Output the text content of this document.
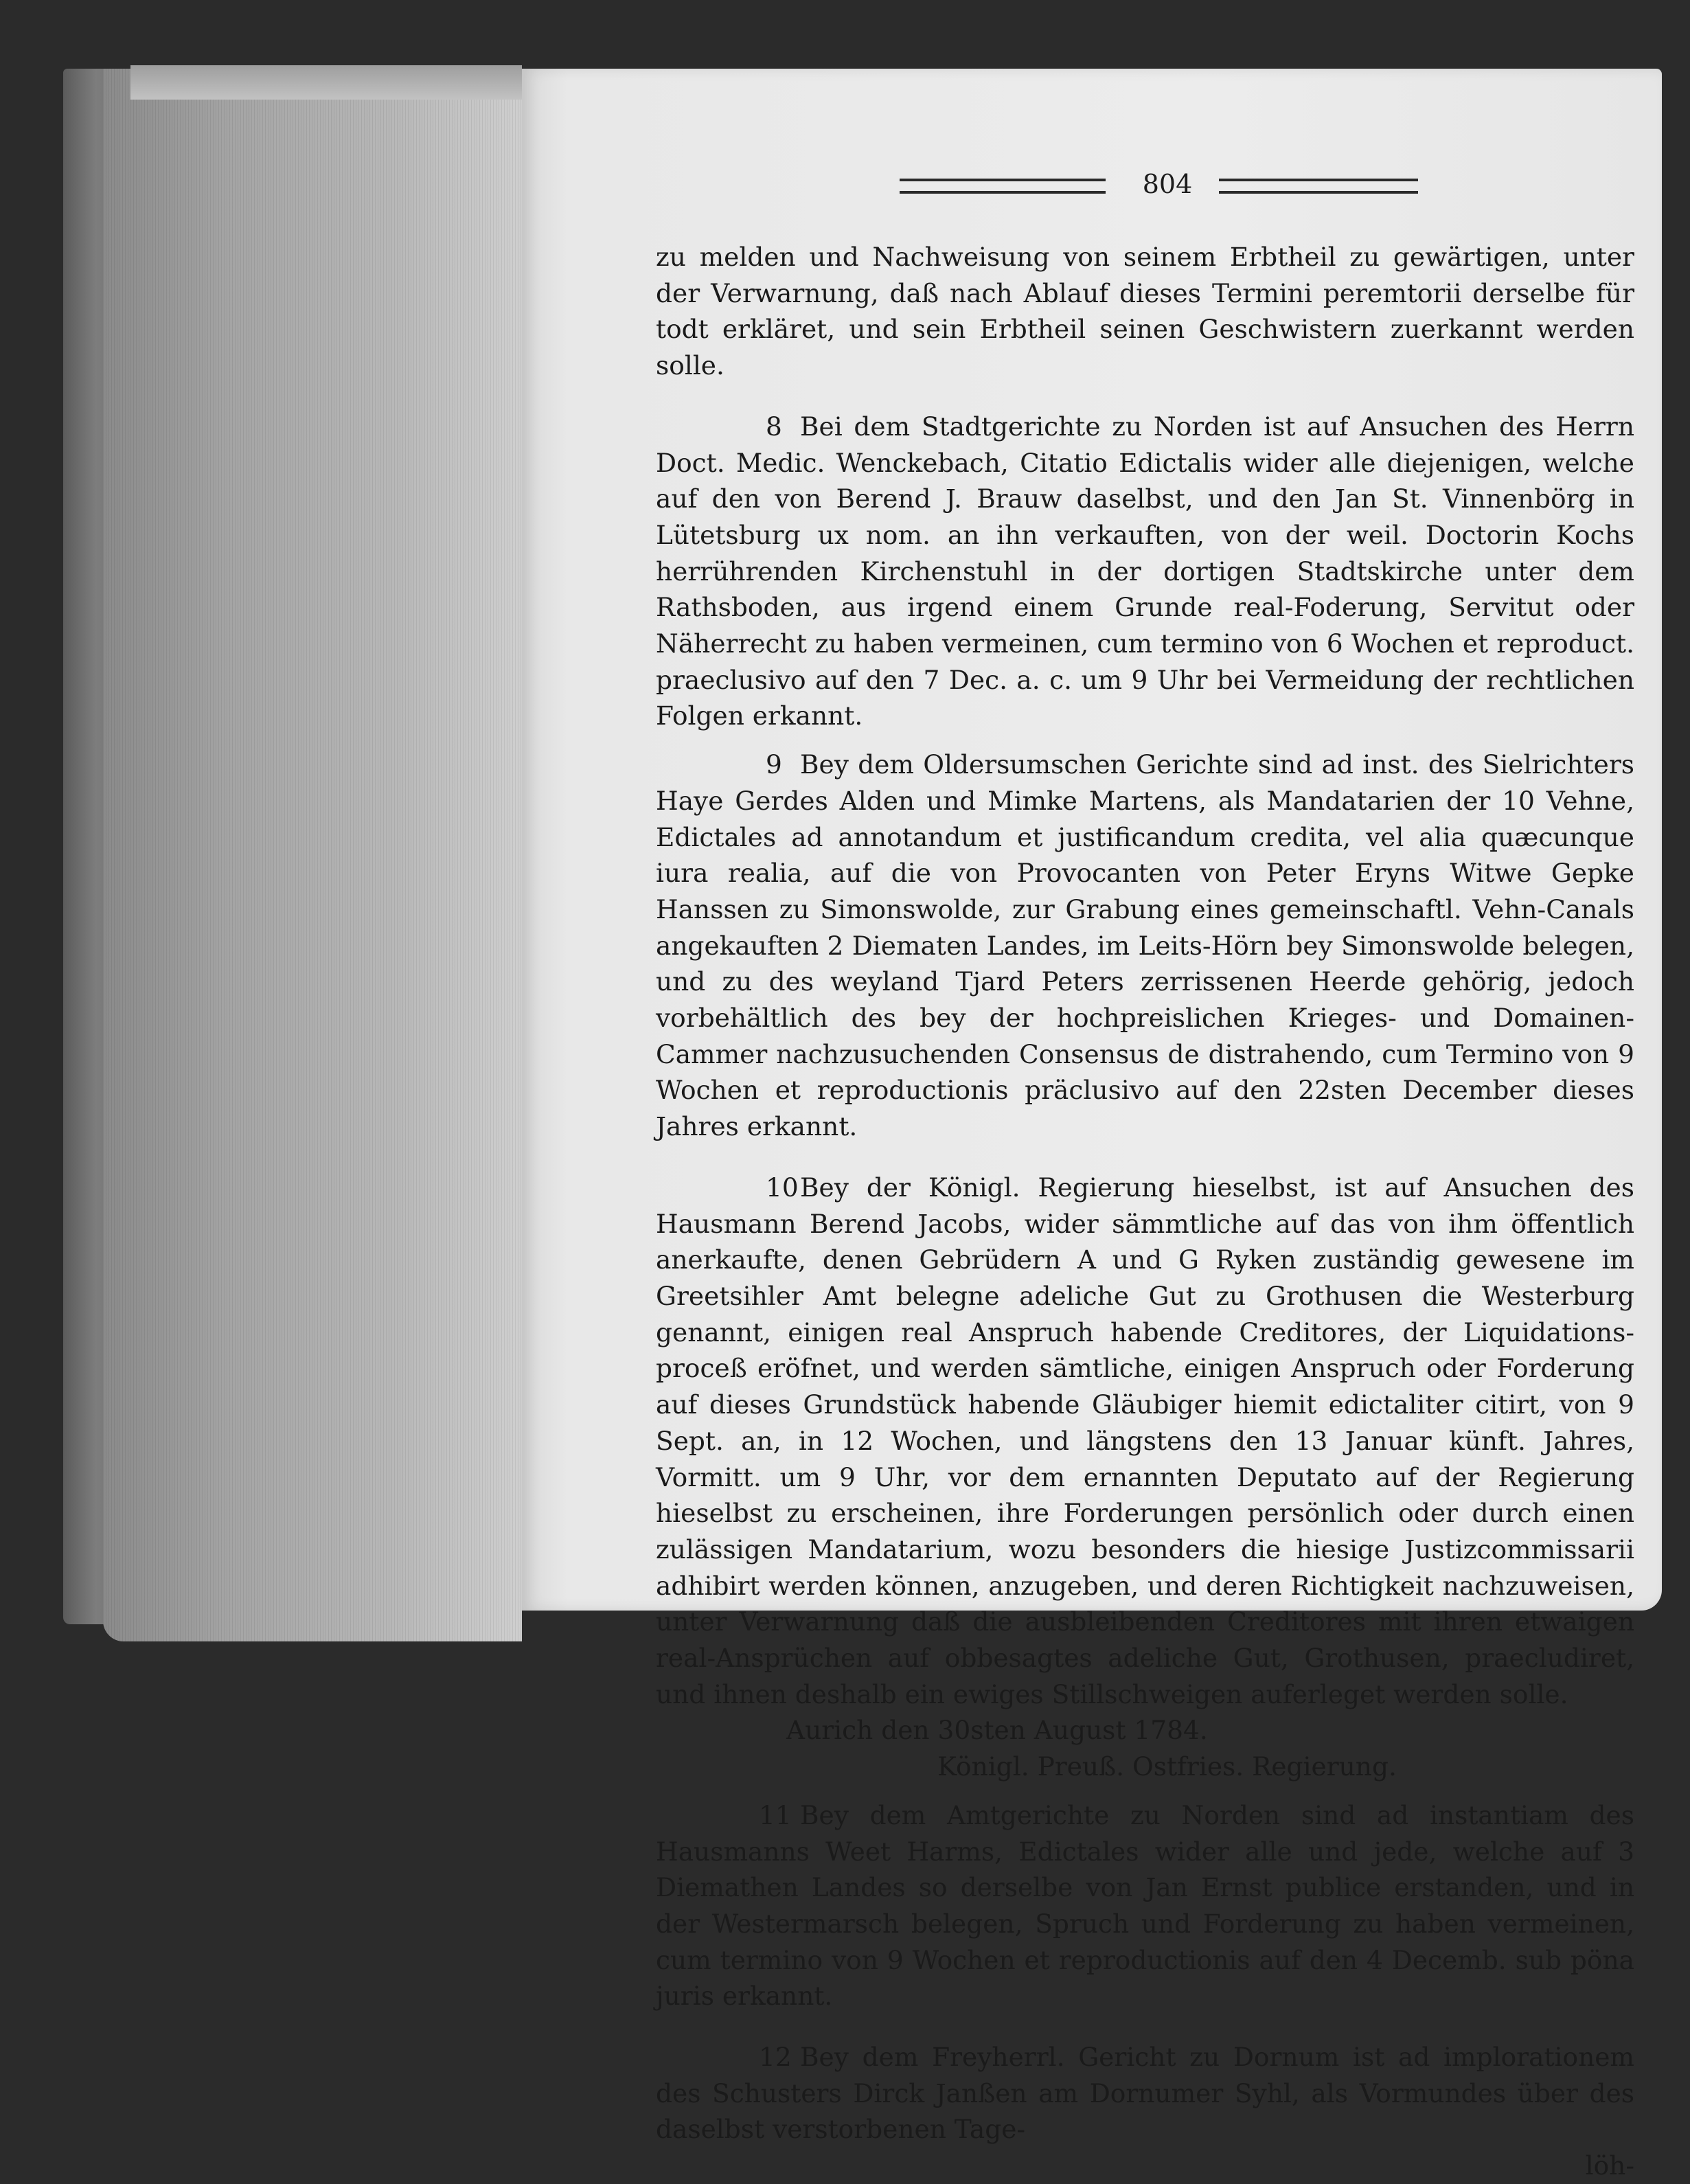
804

zu melden und Nachweisung von seinem Erbtheil zu gewärtigen, unter der Verwarnung, daß nach Ablauf dieses Termini peremtorii derselbe für todt erkläret, und sein Erbtheil seinen Geschwistern zuerkannt werden solle.

8 Bei dem Stadtgerichte zu Norden ist auf Ansuchen des Herrn Doct. Medic. Wenckebach, Citatio Edictalis wider alle diejenigen, welche auf den von Berend J. Brauw daselbst, und den Jan St. Vinnenbörg in Lütetsburg ux nom. an ihn verkauften, von der weil. Doctorin Kochs herrührenden Kirchenstuhl in der dortigen Stadtskirche unter dem Rathsboden, aus irgend einem Grunde real-Foderung, Servitut oder Näherrecht zu haben vermeinen, cum termino von 6 Wochen et reproduct. praeclusivo auf den 7 Dec. a. c. um 9 Uhr bei Vermeidung der rechtlichen Folgen erkannt.

9 Bey dem Oldersumschen Gerichte sind ad inst. des Sielrichters Haye Gerdes Alden und Mimke Martens, als Mandatarien der 10 Vehne, Edictales ad annotandum et justificandum credita, vel alia quæcunque iura realia, auf die von Provocanten von Peter Eryns Witwe Gepke Hanssen zu Simonswolde, zur Grabung eines gemeinschaftl. Vehn-Canals angekauften 2 Diematen Landes, im Leits-Hörn bey Simonswolde belegen, und zu des weyland Tjard Peters zerrissenen Heerde gehörig, jedoch vorbehältlich des bey der hochpreislichen Krieges- und Domainen-Cammer nachzusuchenden Consensus de distrahendo, cum Termino von 9 Wochen et reproductionis präclusivo auf den 22sten December dieses Jahres erkannt.

10Bey der Königl. Regierung hieselbst, ist auf Ansuchen des Hausmann Berend Jacobs, wider sämmtliche auf das von ihm öffentlich anerkaufte, denen Gebrüdern A und G Ryken zuständig gewesene im Greetsihler Amt belegne adeliche Gut zu Grothusen die Westerburg genannt, einigen real Anspruch habende Creditores, der Liquidations-proceß eröfnet, und werden sämtliche, einigen Anspruch oder Forderung auf dieses Grundstück habende Gläubiger hiemit edictaliter citirt, von 9 Sept. an, in 12 Wochen, und längstens den 13 Januar künft. Jahres, Vormitt. um 9 Uhr, vor dem ernannten Deputato auf der Regierung hieselbst zu erscheinen, ihre Forderungen persönlich oder durch einen zulässigen Mandatarium, wozu besonders die hiesige Justizcommissarii adhibirt werden können, anzugeben, und deren Richtigkeit nachzuweisen, unter Verwarnung daß die ausbleibenden Creditores mit ihren etwaigen real-Ansprüchen auf obbesagtes adeliche Gut, Grothusen, praecludiret, und ihnen deshalb ein ewiges Stillschweigen auferleget werden solle.

Aurich den 30sten August 1784.

Königl. Preuß. Ostfries. Regierung.

11 Bey dem Amtgerichte zu Norden sind ad instantiam des Hausmanns Weet Harms, Edictales wider alle und jede, welche auf 3 Diemathen Landes so derselbe von Jan Ernst publice erstanden, und in der Westermarsch belegen, Spruch und Forderung zu haben vermeinen, cum termino von 9 Wochen et reproductionis auf den 4 Decemb. sub pöna juris erkannt.

12 Bey dem Freyherrl. Gericht zu Dornum ist ad implorationem des Schusters Dirck Janßen am Dornumer Syhl, als Vormundes über des daselbst verstorbenen Tage-

löh-
